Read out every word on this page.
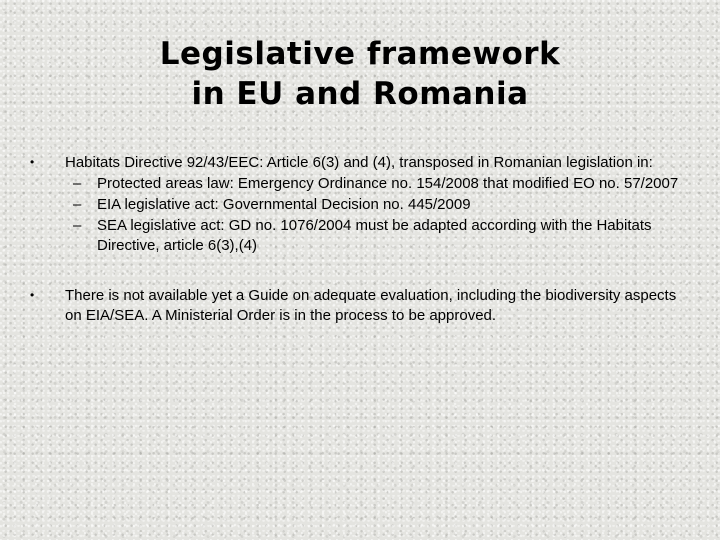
Legislative framework
in EU and Romania
•	Habitats Directive 92/43/EEC: Article 6(3) and (4), transposed in Romanian legislation in:
– Protected areas law: Emergency Ordinance no. 154/2008 that modified EO no. 57/2007
– EIA legislative act: Governmental Decision no. 445/2009
– SEA legislative act: GD no. 1076/2004 must be adapted according with the Habitats Directive, article 6(3),(4)
•	There is not available yet a Guide on adequate evaluation, including the biodiversity aspects on EIA/SEA. A Ministerial Order is in the process to be approved.
